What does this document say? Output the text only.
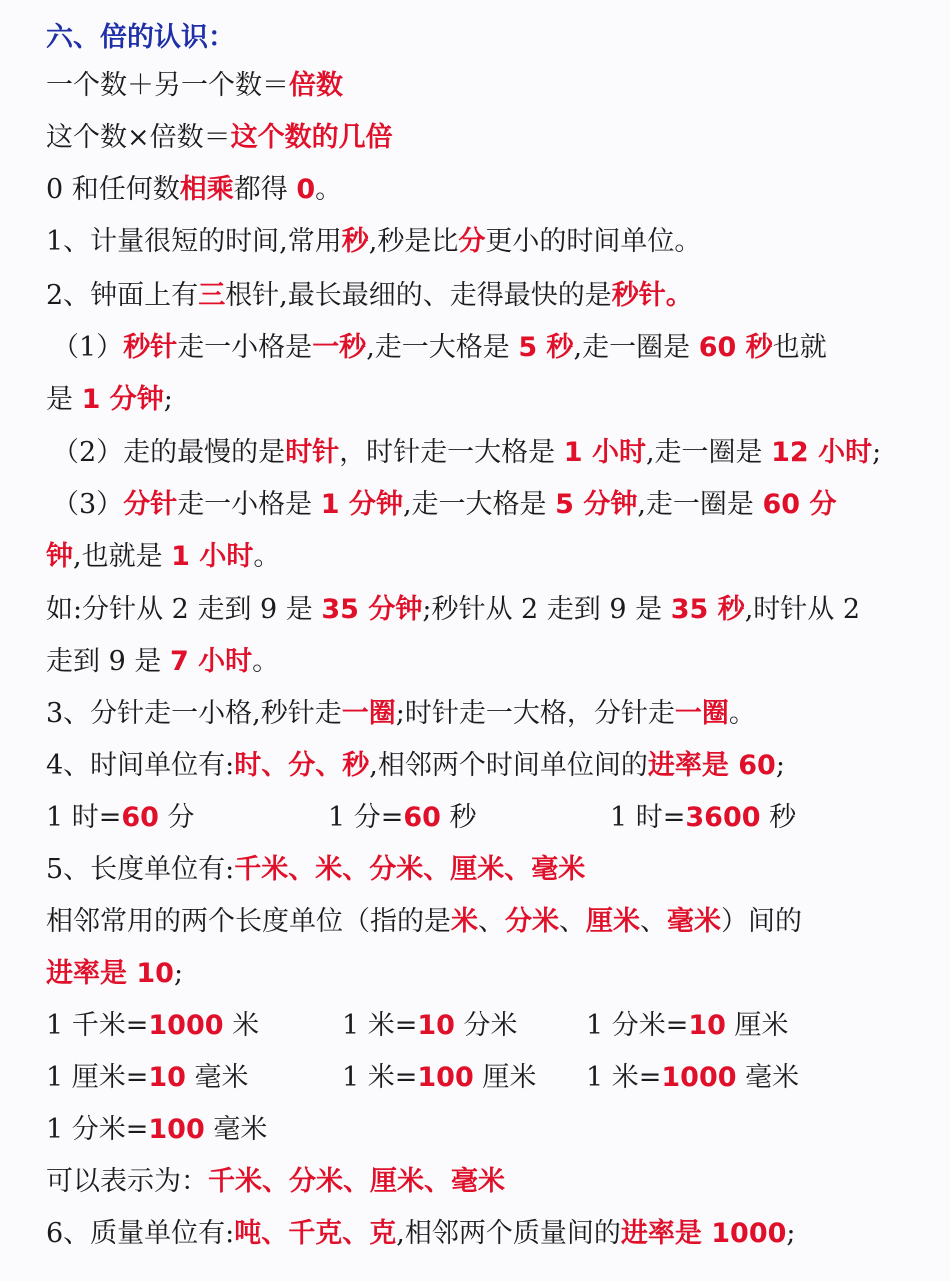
六、倍的认识：
一个数＋另一个数＝倍数
这个数×倍数＝这个数的几倍
0 和任何数相乘都得 0。
1、计量很短的时间,常用秒,秒是比分更小的时间单位。
2、钟面上有三根针,最长最细的、走得最快的是秒针。
（1）秒针走一小格是一秒,走一大格是 5 秒,走一圈是 60 秒也就
是 1 分钟;
（2）走的最慢的是时针，时针走一大格是 1 小时,走一圈是 12 小时;
（3）分针走一小格是 1 分钟,走一大格是 5 分钟,走一圈是 60 分
钟,也就是 1 小时。
如:分针从 2 走到 9 是 35 分钟;秒针从 2 走到 9 是 35 秒,时针从 2
走到 9 是 7 小时。
3、分针走一小格,秒针走一圈;时针走一大格，分针走一圈。
4、时间单位有:时、分、秒,相邻两个时间单位间的进率是 60;
1 时=60 分	1 分=60 秒	1 时=3600 秒
5、长度单位有:千米、米、分米、厘米、毫米
相邻常用的两个长度单位（指的是米、分米、厘米、毫米）间的
进率是 10;
1 千米=1000 米	1 米=10 分米	1 分米=10 厘米
1 厘米=10 毫米	1 米=100 厘米 1 米=1000 毫米
1 分米=100 毫米
可以表示为：千米、分米、厘米、毫米
6、质量单位有:吨、千克、克,相邻两个质量间的进率是 1000;
